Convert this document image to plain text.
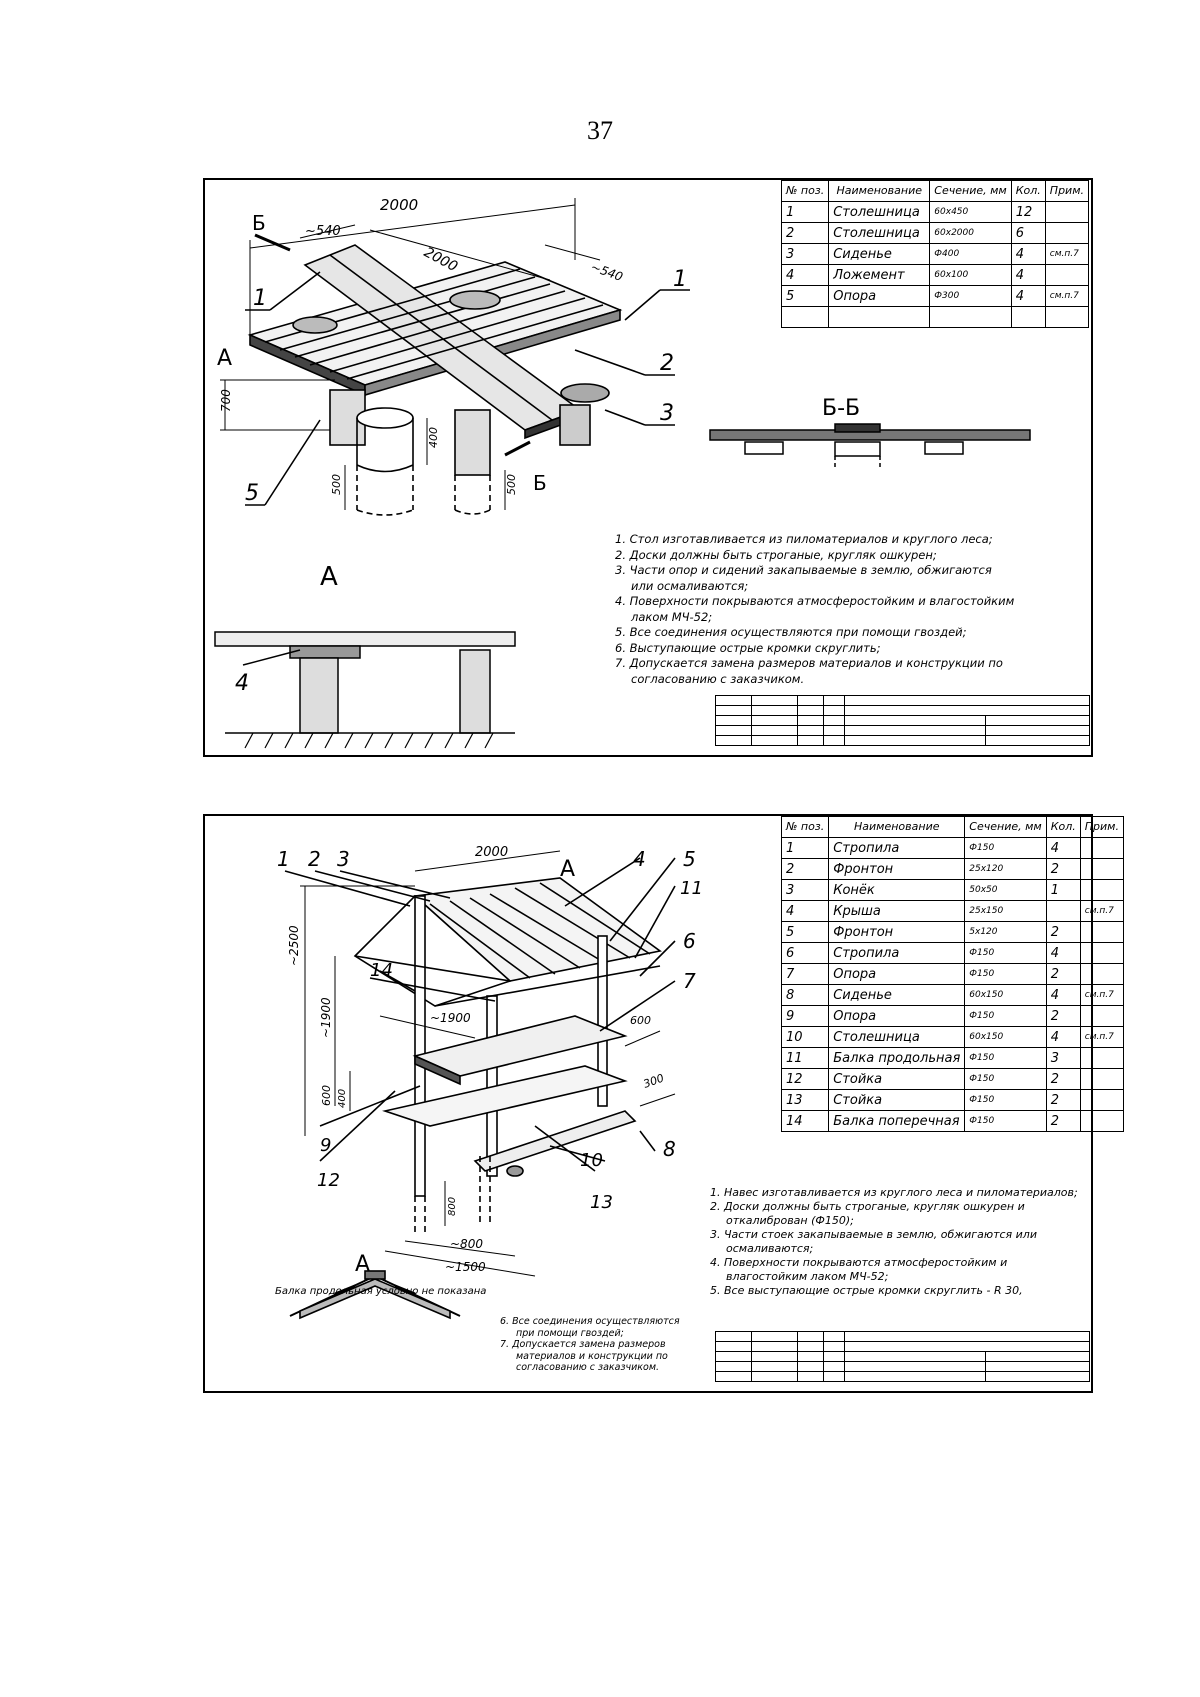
37
2000
2000
~540
~540
700
400
500	500
1
1
2
3
5
А
Б
Б
Б-Б
А
4
№ поз.	Наименование	Сечение, мм	Кол.	Прим.
1	Столешница	60х450	12	
2	Столешница	60х2000	6	
3	Сиденье	Ф400	4	см.п.7
4	Ложемент	60х100	4	
5	Опора	Ф300	4	см.п.7

1. Стол изготавливается из пиломатериалов и круглого леса;
2. Доски должны быть строганые, кругляк ошкурен;
3. Части опор и сидений закапываемые в землю, обжигаются или осмаливаются;
4. Поверхности покрываются атмосферостойким и влагостойким лаком МЧ-52;
5. Все соединения осуществляются при помощи гвоздей;
6. Выступающие острые кромки скруглить;
7. Допускается замена размеров материалов и конструкции по согласованию с заказчиком.

2000
~2500
~1900	~1900
600
600
300
400
800
~800
~1500
1 2 3	4 5
6
7
8
9
10
11
12
13
14
А
А
Балка продольная условно не показана
№ поз.	Наименование	Сечение, мм	Кол.	Прим.
1	Стропила	Ф150	4	
2	Фронтон	25х120	2	
3	Конёк	50х50	1	
4	Крыша	25х150		см.п.7
5	Фронтон	5х120	2	
6	Стропила	Ф150	4	
7	Опора	Ф150	2	
8	Сиденье	60х150	4	см.п.7
9	Опора	Ф150	2	
10	Столешница	60х150	4	см.п.7
11	Балка продольная	Ф150	3	
12	Стойка	Ф150	2	
13	Стойка	Ф150	2	
14	Балка поперечная	Ф150	2	
1. Навес изготавливается из круглого леса и пиломатериалов;
2. Доски должны быть строганые, кругляк ошкурен и откалиброван (Ф150);
3. Части стоек закапываемые в землю, обжигаются или осмаливаются;
4. Поверхности покрываются атмосферостойким и влагостойким лаком МЧ-52;
5. Все выступающие острые кромки скруглить - R 30,
6. Все соединения осуществляются при помощи гвоздей;
7. Допускается замена размеров материалов и конструкции по согласованию с заказчиком.
